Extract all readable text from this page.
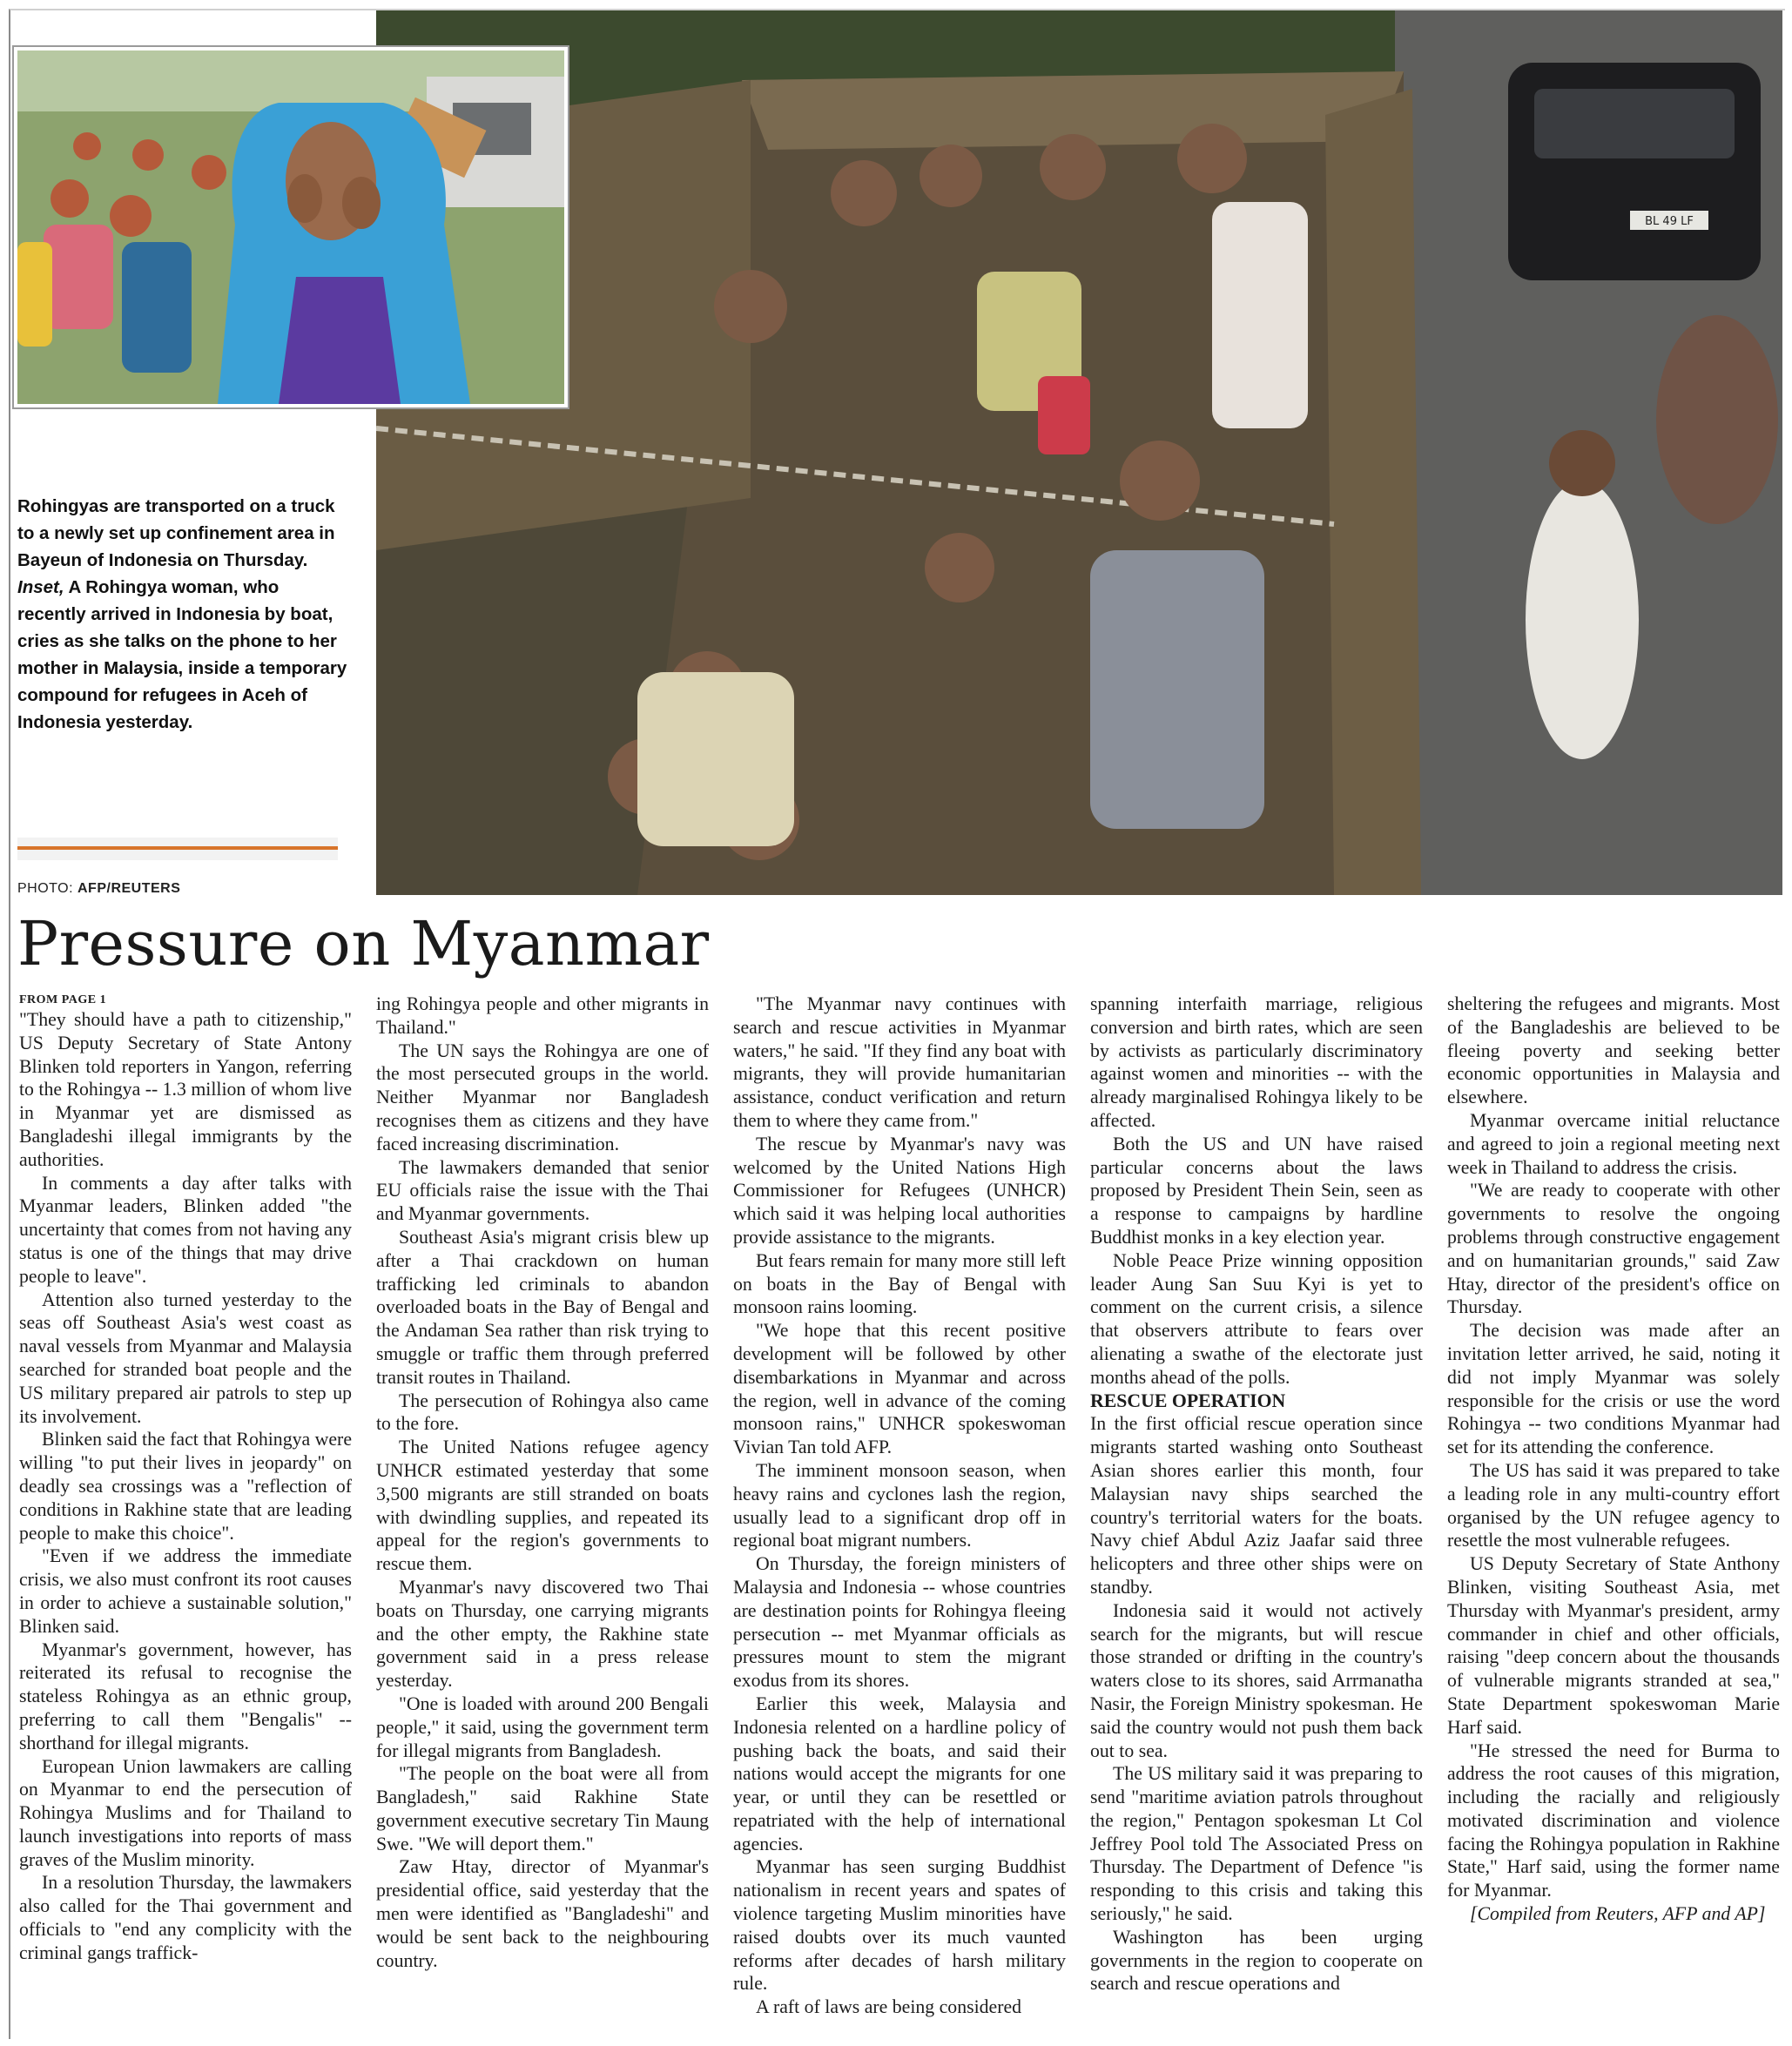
BL 49 LF
Rohingyas are transported on a truck to a newly set up confinement area in Bayeun of Indonesia on Thursday. Inset, A Rohingya woman, who recently arrived in Indonesia by boat, cries as she talks on the phone to her mother in Malaysia, inside a temporary compound for refugees in Aceh of Indonesia yesterday.
PHOTO: AFP/REUTERS
Pressure on Myanmar
FROM PAGE 1

"They should have a path to citizenship," US Deputy Secretary of State Antony Blinken told reporters in Yangon, referring to the Rohingya -- 1.3 million of whom live in Myanmar yet are dismissed as Bangladeshi illegal immigrants by the authorities.

In comments a day after talks with Myanmar leaders, Blinken added "the uncertainty that comes from not having any status is one of the things that may drive people to leave".

Attention also turned yesterday to the seas off Southeast Asia's west coast as naval vessels from Myanmar and Malaysia searched for stranded boat people and the US military prepared air patrols to step up its involvement.

Blinken said the fact that Rohingya were willing "to put their lives in jeopardy" on deadly sea crossings was a "reflection of conditions in Rakhine state that are leading people to make this choice".

"Even if we address the immediate crisis, we also must confront its root causes in order to achieve a sustainable solution," Blinken said.

Myanmar's government, however, has reiterated its refusal to recognise the stateless Rohingya as an ethnic group, preferring to call them "Bengalis" -- shorthand for illegal migrants.

European Union lawmakers are calling on Myanmar to end the persecution of Rohingya Muslims and for Thailand to launch investigations into reports of mass graves of the Muslim minority.

In a resolution Thursday, the lawmakers also called for the Thai government and officials to "end any complicity with the criminal gangs traffick-

ing Rohingya people and other migrants in Thailand."

The UN says the Rohingya are one of the most persecuted groups in the world. Neither Myanmar nor Bangladesh recognises them as citizens and they have faced increasing discrimination.

The lawmakers demanded that senior EU officials raise the issue with the Thai and Myanmar governments.

Southeast Asia's migrant crisis blew up after a Thai crackdown on human trafficking led criminals to abandon overloaded boats in the Bay of Bengal and the Andaman Sea rather than risk trying to smuggle or traffic them through preferred transit routes in Thailand.

The persecution of Rohingya also came to the fore.

The United Nations refugee agency UNHCR estimated yesterday that some 3,500 migrants are still stranded on boats with dwindling supplies, and repeated its appeal for the region's governments to rescue them.

Myanmar's navy discovered two Thai boats on Thursday, one carrying migrants and the other empty, the Rakhine state government said in a press release yesterday.

"One is loaded with around 200 Bengali people," it said, using the government term for illegal migrants from Bangladesh.

"The people on the boat were all from Bangladesh," said Rakhine State government executive secretary Tin Maung Swe. "We will deport them."

Zaw Htay, director of Myanmar's presidential office, said yesterday that the men were identified as "Bangladeshi" and would be sent back to the neighbouring country.

"The Myanmar navy continues with search and rescue activities in Myanmar waters," he said. "If they find any boat with migrants, they will provide humanitarian assistance, conduct verification and return them to where they came from."

The rescue by Myanmar's navy was welcomed by the United Nations High Commissioner for Refugees (UNHCR) which said it was helping local authorities provide assistance to the migrants.

But fears remain for many more still left on boats in the Bay of Bengal with monsoon rains looming.

"We hope that this recent positive development will be followed by other disembarkations in Myanmar and across the region, well in advance of the coming monsoon rains," UNHCR spokeswoman Vivian Tan told AFP.

The imminent monsoon season, when heavy rains and cyclones lash the region, usually lead to a significant drop off in regional boat migrant numbers.

On Thursday, the foreign ministers of Malaysia and Indonesia -- whose countries are destination points for Rohingya fleeing persecution -- met Myanmar officials as pressures mount to stem the migrant exodus from its shores.

Earlier this week, Malaysia and Indonesia relented on a hardline policy of pushing back the boats, and said their nations would accept the migrants for one year, or until they can be resettled or repatriated with the help of international agencies.

Myanmar has seen surging Buddhist nationalism in recent years and spates of violence targeting Muslim minorities have raised doubts over its much vaunted reforms after decades of harsh military rule.

A raft of laws are being considered

spanning interfaith marriage, religious conversion and birth rates, which are seen by activists as particularly discriminatory against women and minorities -- with the already marginalised Rohingya likely to be affected.

Both the US and UN have raised particular concerns about the laws proposed by President Thein Sein, seen as a response to campaigns by hardline Buddhist monks in a key election year.

Noble Peace Prize winning opposition leader Aung San Suu Kyi is yet to comment on the current crisis, a silence that observers attribute to fears over alienating a swathe of the electorate just months ahead of the polls.

RESCUE OPERATION

In the first official rescue operation since migrants started washing onto Southeast Asian shores earlier this month, four Malaysian navy ships searched the country's territorial waters for the boats. Navy chief Abdul Aziz Jaafar said three helicopters and three other ships were on standby.

Indonesia said it would not actively search for the migrants, but will rescue those stranded or drifting in the country's waters close to its shores, said Arrmanatha Nasir, the Foreign Ministry spokesman. He said the country would not push them back out to sea.

The US military said it was preparing to send "maritime aviation patrols throughout the region," Pentagon spokesman Lt Col Jeffrey Pool told The Associated Press on Thursday. The Department of Defence "is responding to this crisis and taking this seriously," he said.

Washington has been urging governments in the region to cooperate on search and rescue operations and

sheltering the refugees and migrants. Most of the Bangladeshis are believed to be fleeing poverty and seeking better economic opportunities in Malaysia and elsewhere.

Myanmar overcame initial reluctance and agreed to join a regional meeting next week in Thailand to address the crisis.

"We are ready to cooperate with other governments to resolve the ongoing problems through constructive engagement and on humanitarian grounds," said Zaw Htay, director of the president's office on Thursday.

The decision was made after an invitation letter arrived, he said, noting it did not imply Myanmar was solely responsible for the crisis or use the word Rohingya -- two conditions Myanmar had set for its attending the conference.

The US has said it was prepared to take a leading role in any multi-country effort organised by the UN refugee agency to resettle the most vulnerable refugees.

US Deputy Secretary of State Anthony Blinken, visiting Southeast Asia, met Thursday with Myanmar's president, army commander in chief and other officials, raising "deep concern about the thousands of vulnerable migrants stranded at sea," State Department spokeswoman Marie Harf said.

"He stressed the need for Burma to address the root causes of this migration, including the racially and religiously motivated discrimination and violence facing the Rohingya population in Rakhine State," Harf said, using the former name for Myanmar.

[Compiled from Reuters, AFP and AP]
